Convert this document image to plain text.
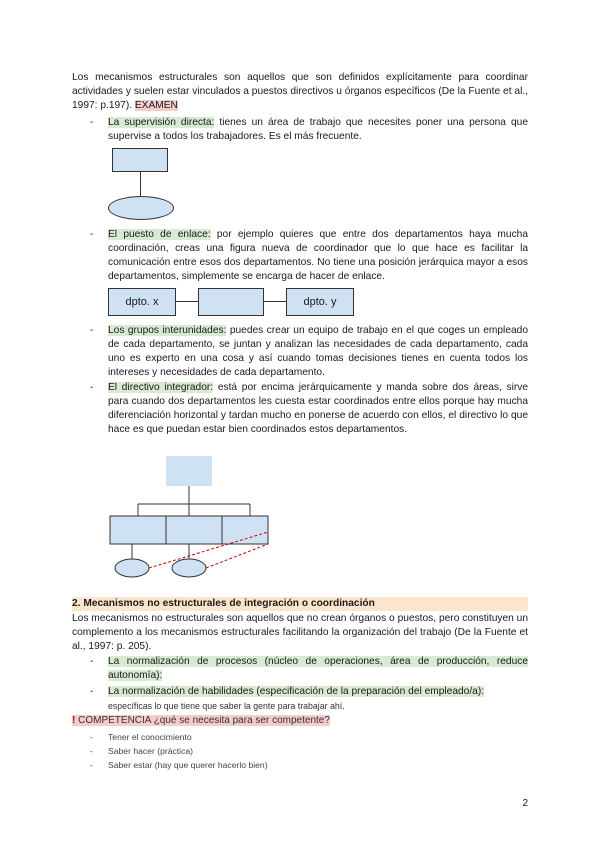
Los mecanismos estructurales son aquellos que son definidos explícitamente para coordinar actividades y suelen estar vinculados a puestos directivos u órganos específicos (De la Fuente et al., 1997: p.197). EXAMEN
- La supervisión directa: tienes un área de trabajo que necesites poner una persona que supervise a todos los trabajadores. Es el más frecuente.
- El puesto de enlace: por ejemplo quieres que entre dos departamentos haya mucha coordinación, creas una figura nueva de coordinador que lo que hace es facilitar la comunicación entre esos dos departamentos. No tiene una posición jerárquica mayor a esos departamentos, simplemente se encarga de hacer de enlace.
dpto. x	dpto. y
- Los grupos interunidades: puedes crear un equipo de trabajo en el que coges un empleado de cada departamento, se juntan y analizan las necesidades de cada departamento, cada uno es experto en una cosa y así cuando tomas decisiones tienes en cuenta todos los intereses y necesidades de cada departamento.
- El directivo integrador: está por encima jerárquicamente y manda sobre dos áreas, sirve para cuando dos departamentos les cuesta estar coordinados entre ellos porque hay mucha diferenciación horizontal y tardan mucho en ponerse de acuerdo con ellos, el directivo lo que hace es que puedan estar bien coordinados estos departamentos.
2. Mecanismos no estructurales de integración o coordinación
Los mecanismos no estructurales son aquellos que no crean órganos o puestos, pero constituyen un complemento a los mecanismos estructurales facilitando la organización del trabajo (De la Fuente et al., 1997: p. 205).
- La normalización de procesos (núcleo de operaciones, área de producción, reduce autonomía):
- La normalización de habilidades (especificación de la preparación del empleado/a):
específicas lo que tiene que saber la gente para trabajar ahí.
! COMPETENCIA ¿qué se necesita para ser competente?
- Tener el conocimiento
- Saber hacer (práctica)
- Saber estar (hay que querer hacerlo bien)
2
